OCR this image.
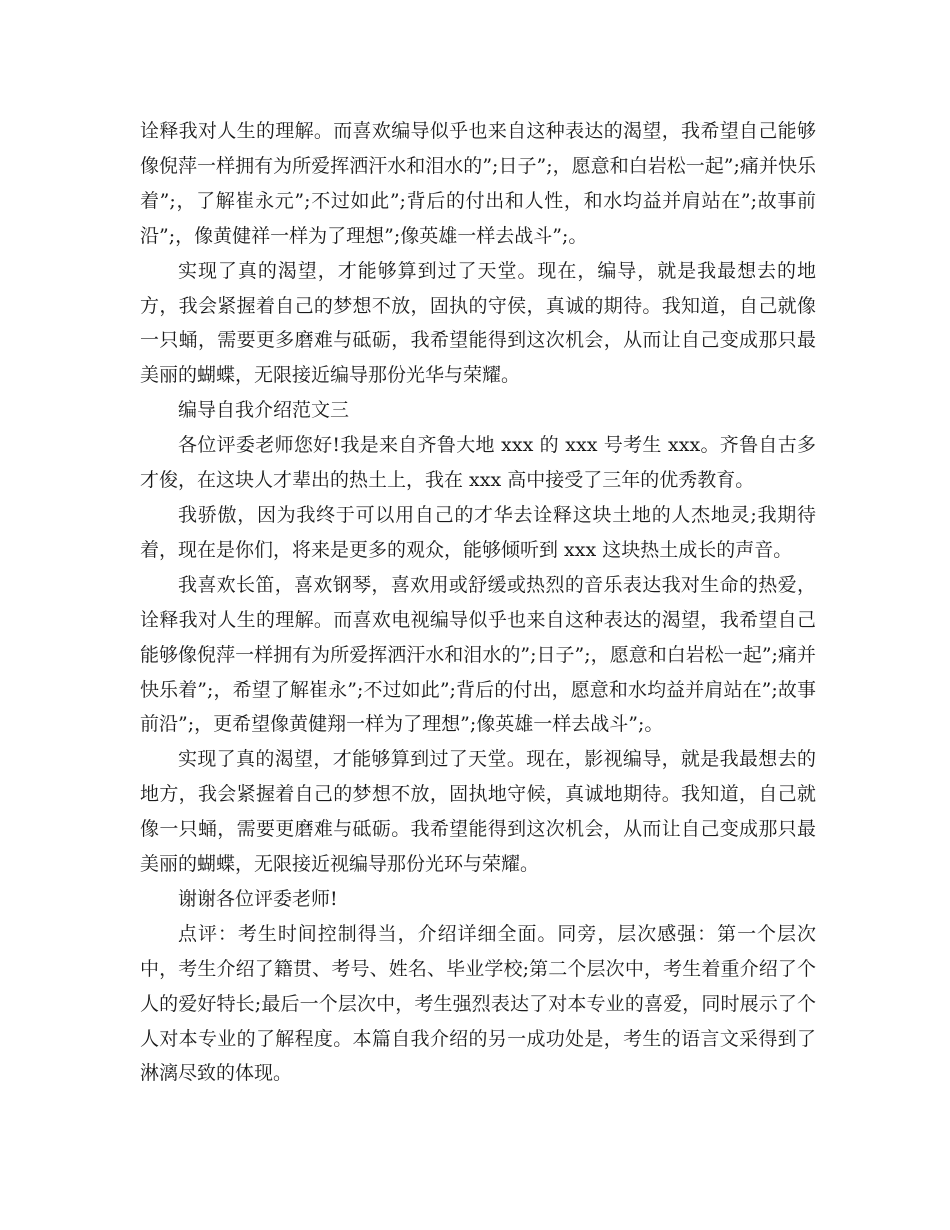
诠释我对人生的理解。而喜欢编导似乎也来自这种表达的渴望，我希望自己能够像倪萍一样拥有为所爱挥洒汗水和泪水的”;日子”;，愿意和白岩松一起”;痛并快乐着”;，了解崔永元”;不过如此”;背后的付出和人性，和水均益并肩站在”;故事前沿”;，像黄健祥一样为了理想”;像英雄一样去战斗”;。

实现了真的渴望，才能够算到过了天堂。现在，编导，就是我最想去的地方，我会紧握着自己的梦想不放，固执的守侯，真诚的期待。我知道，自己就像一只蛹，需要更多磨难与砥砺，我希望能得到这次机会，从而让自己变成那只最美丽的蝴蝶，无限接近编导那份光华与荣耀。

编导自我介绍范文三

各位评委老师您好!我是来自齐鲁大地 xxx 的 xxx 号考生 xxx。齐鲁自古多才俊，在这块人才辈出的热土上，我在 xxx 高中接受了三年的优秀教育。

我骄傲，因为我终于可以用自己的才华去诠释这块土地的人杰地灵;我期待着，现在是你们，将来是更多的观众，能够倾听到 xxx 这块热土成长的声音。

我喜欢长笛，喜欢钢琴，喜欢用或舒缓或热烈的音乐表达我对生命的热爱，诠释我对人生的理解。而喜欢电视编导似乎也来自这种表达的渴望，我希望自己能够像倪萍一样拥有为所爱挥洒汗水和泪水的”;日子”;，愿意和白岩松一起”;痛并快乐着”;，希望了解崔永”;不过如此”;背后的付出，愿意和水均益并肩站在”;故事前沿”;，更希望像黄健翔一样为了理想”;像英雄一样去战斗”;。

实现了真的渴望，才能够算到过了天堂。现在，影视编导，就是我最想去的地方，我会紧握着自己的梦想不放，固执地守候，真诚地期待。我知道，自己就像一只蛹，需要更磨难与砥砺。我希望能得到这次机会，从而让自己变成那只最美丽的蝴蝶，无限接近视编导那份光环与荣耀。

谢谢各位评委老师!

点评：考生时间控制得当，介绍详细全面。同旁，层次感强：第一个层次中，考生介绍了籍贯、考号、姓名、毕业学校;第二个层次中，考生着重介绍了个人的爱好特长;最后一个层次中，考生强烈表达了对本专业的喜爱，同时展示了个人对本专业的了解程度。本篇自我介绍的另一成功处是，考生的语言文采得到了淋漓尽致的体现。
